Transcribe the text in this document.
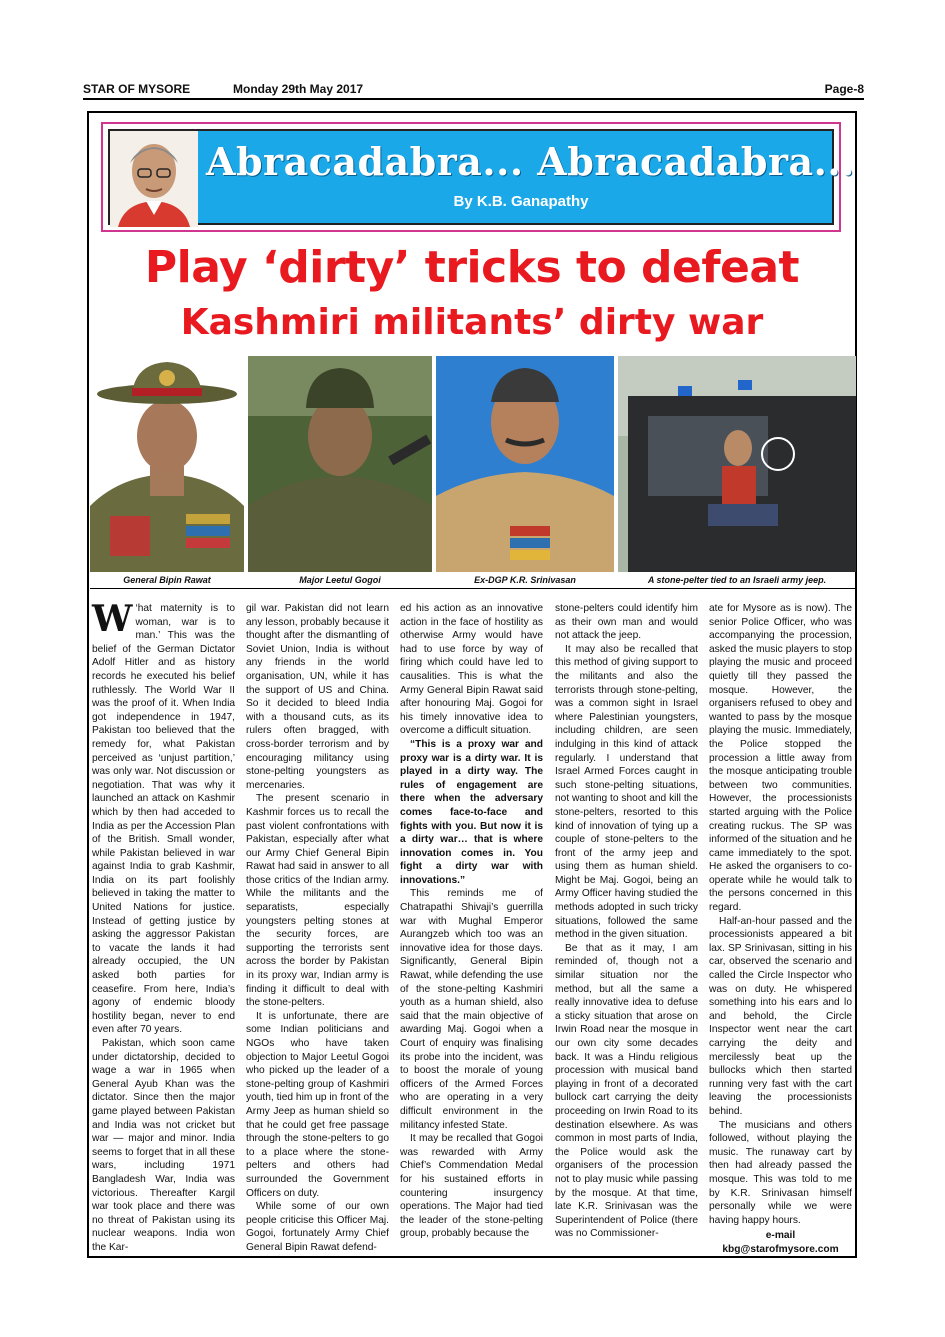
STAR OF MYSORE	Monday 29th May 2017	Page-8
Abracadabra... Abracadabra...
By K.B. Ganapathy
Play ‘dirty’ tricks to defeat
Kashmiri militants’ dirty war
General Bipin Rawat	Major Leetul Gogoi	Ex-DGP K.R. Srinivasan	A stone-pelter tied to an Israeli army jeep.

W ‘hat maternity is to woman, war is to man.’ This was the belief of the German Dictator Adolf Hitler and as history records he executed his belief ruthlessly. The World War II was the proof of it. When India got independence in 1947, Pakistan too believed that the remedy for, what Pakistan perceived as ‘unjust partition,’ was only war. Not discussion or negotiation. That was why it launched an attack on Kashmir which by then had acceded to India as per the Accession Plan of the British. Small wonder, while Pakistan believed in war against India to grab Kashmir, India on its part foolishly believed in taking the matter to United Nations for justice. Instead of getting justice by asking the aggressor Pakistan to vacate the lands it had already occupied, the UN asked both parties for ceasefire. From here, India’s agony of endemic bloody hostility began, never to end even after 70 years.

Pakistan, which soon came under dictatorship, decided to wage a war in 1965 when General Ayub Khan was the dictator. Since then the major game played between Pakistan and India was not cricket but war — major and minor. India seems to forget that in all these wars, including 1971 Bangladesh War, India was victorious. Thereafter Kargil war took place and there was no threat of Pakistan using its nuclear weapons. India won the Kar-

gil war. Pakistan did not learn any lesson, probably because it thought after the dismantling of Soviet Union, India is without any friends in the world organisation, UN, while it has the support of US and China. So it decided to bleed India with a thousand cuts, as its rulers often bragged, with cross-border terrorism and by encouraging militancy using stone-pelting youngsters as mercenaries.

The present scenario in Kashmir forces us to recall the past violent confrontations with Pakistan, especially after what our Army Chief General Bipin Rawat had said in answer to all those critics of the Indian army. While the militants and the separatists, especially youngsters pelting stones at the security forces, are supporting the terrorists sent across the border by Pakistan in its proxy war, Indian army is finding it difficult to deal with the stone-pelters.

It is unfortunate, there are some Indian politicians and NGOs who have taken objection to Major Leetul Gogoi who picked up the leader of a stone-pelting group of Kashmiri youth, tied him up in front of the Army Jeep as human shield so that he could get free passage through the stone-pelters to go to a place where the stone-pelters and others had surrounded the Government Officers on duty.

While some of our own people criticise this Officer Maj. Gogoi, fortunately Army Chief General Bipin Rawat defend-

ed his action as an innovative action in the face of hostility as otherwise Army would have had to use force by way of firing which could have led to causalities. This is what the Army General Bipin Rawat said after honouring Maj. Gogoi for his timely innovative idea to overcome a difficult situation.

“This is a proxy war and proxy war is a dirty war. It is played in a dirty way. The rules of engagement are there when the adversary comes face-to-face and fights with you. But now it is a dirty war… that is where innovation comes in. You fight a dirty war with innovations.”

This reminds me of Chatrapathi Shivaji’s guerrilla war with Mughal Emperor Aurangzeb which too was an innovative idea for those days. Significantly, General Bipin Rawat, while defending the use of the stone-pelting Kashmiri youth as a human shield, also said that the main objective of awarding Maj. Gogoi when a Court of enquiry was finalising its probe into the incident, was to boost the morale of young officers of the Armed Forces who are operating in a very difficult environment in the militancy infested State.

It may be recalled that Gogoi was rewarded with Army Chief’s Commendation Medal for his sustained efforts in countering insurgency operations. The Major had tied the leader of the stone-pelting group, probably because the

stone-pelters could identify him as their own man and would not attack the jeep.

It may also be recalled that this method of giving support to the militants and also the terrorists through stone-pelting, was a common sight in Israel where Palestinian youngsters, including children, are seen indulging in this kind of attack regularly. I understand that Israel Armed Forces caught in such stone-pelting situations, not wanting to shoot and kill the stone-pelters, resorted to this kind of innovation of tying up a couple of stone-pelters to the front of the army jeep and using them as human shield. Might be Maj. Gogoi, being an Army Officer having studied the methods adopted in such tricky situations, followed the same method in the given situation.

Be that as it may, I am reminded of, though not a similar situation nor the method, but all the same a really innovative idea to defuse a sticky situation that arose on Irwin Road near the mosque in our own city some decades back. It was a Hindu religious procession with musical band playing in front of a decorated bullock cart carrying the deity proceeding on Irwin Road to its destination elsewhere. As was common in most parts of India, the Police would ask the organisers of the procession not to play music while passing by the mosque. At that time, late K.R. Srinivasan was the Superintendent of Police (there was no Commissioner-

ate for Mysore as is now). The senior Police Officer, who was accompanying the procession, asked the music players to stop playing the music and proceed quietly till they passed the mosque. However, the organisers refused to obey and wanted to pass by the mosque playing the music. Immediately, the Police stopped the procession a little away from the mosque anticipating trouble between two communities. However, the processionists started arguing with the Police creating ruckus. The SP was informed of the situation and he came immediately to the spot. He asked the organisers to co-operate while he would talk to the persons concerned in this regard.

Half-an-hour passed and the processionists appeared a bit lax. SP Srinivasan, sitting in his car, observed the scenario and called the Circle Inspector who was on duty. He whispered something into his ears and lo and behold, the Circle Inspector went near the cart carrying the deity and mercilessly beat up the bullocks which then started running very fast with the cart leaving the processionists behind.

The musicians and others followed, without playing the music. The runaway cart by then had already passed the mosque. This was told to me by K.R. Srinivasan himself personally while we were having happy hours.

e-mail
kbg@starofmysore.com
